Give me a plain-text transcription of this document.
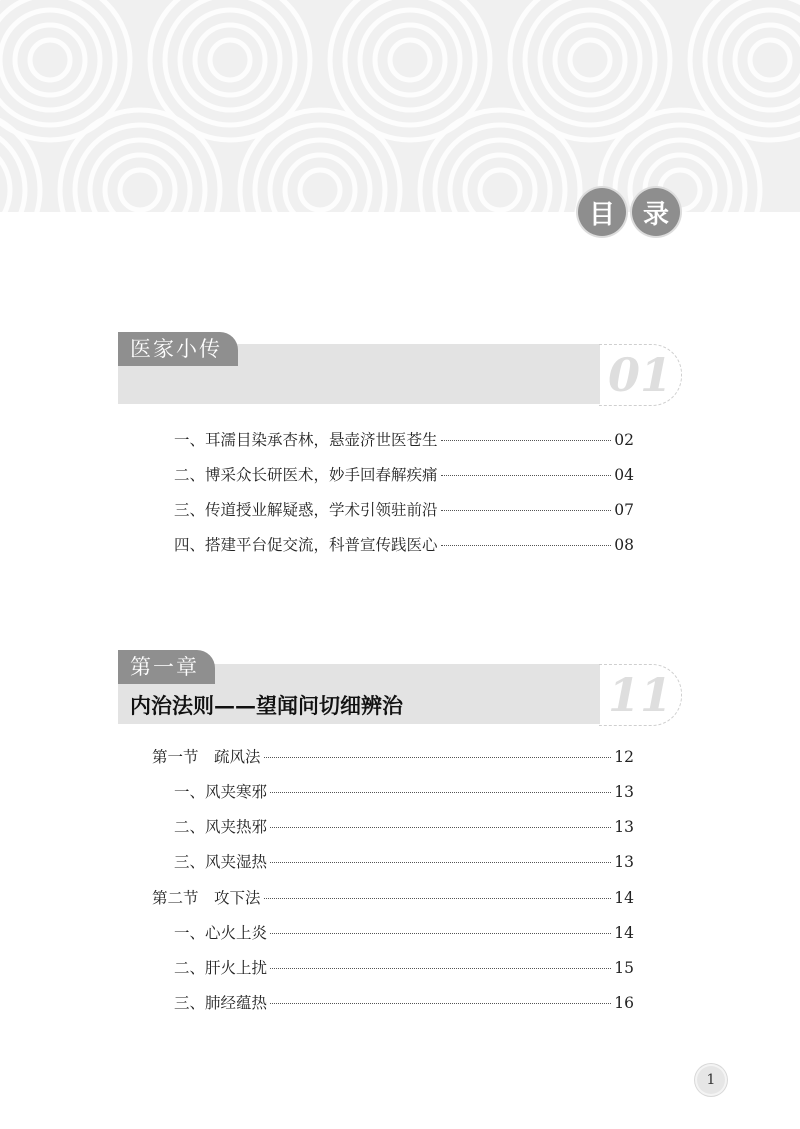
目	录
医家小传	01
一、耳濡目染承杏林，悬壶济世医苍生	02
二、博采众长研医术，妙手回春解疾痛	04
三、传道授业解疑惑，学术引领驻前沿	07
四、搭建平台促交流，科普宣传践医心	08
第一章
内治法则——望闻问切细辨治	11
第一节　疏风法	12
一、风夹寒邪	13
二、风夹热邪	13
三、风夹湿热	13
第二节　攻下法	14
一、心火上炎	14
二、肝火上扰	15
三、肺经蕴热	16
1
